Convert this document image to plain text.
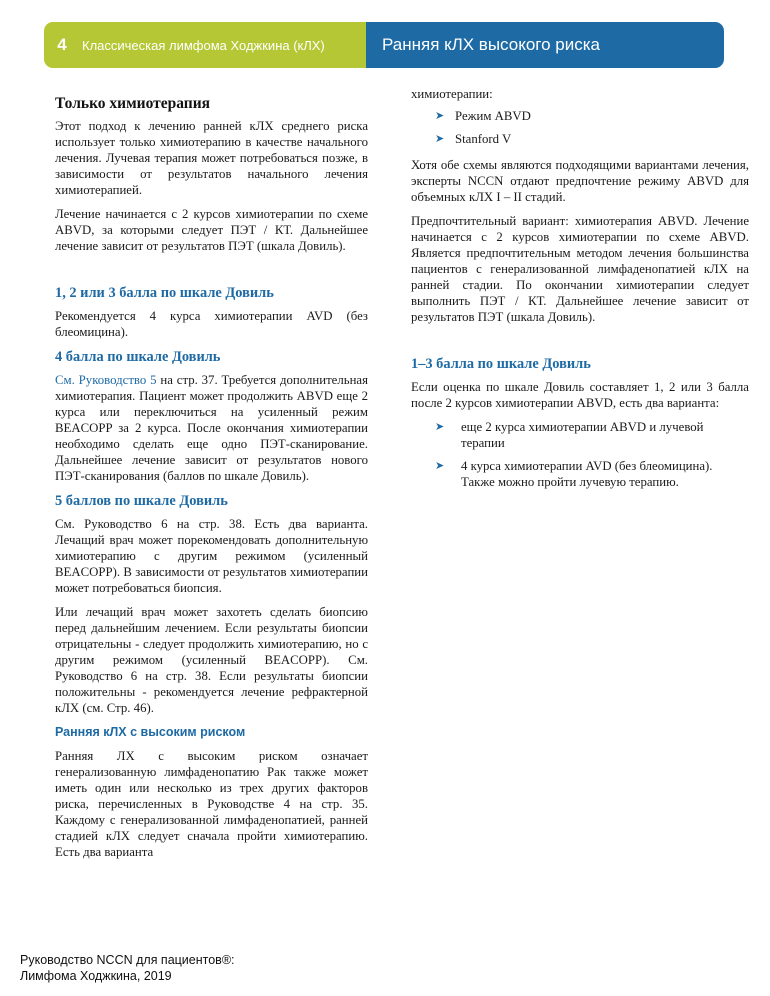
4	Классическая лимфома Ходжкина (кЛХ)	Ранняя кЛХ высокого риска
Только химиотерапия

Этот подход к лечению ранней кЛХ среднего риска использует только химиотерапию в качестве начального лечения. Лучевая терапия может потребоваться позже, в зависимости от результатов начального лечения химиотерапией.

Лечение начинается с 2 курсов химиотерапии по схеме ABVD, за которыми следует ПЭТ / КТ. Дальнейшее лечение зависит от результатов ПЭТ (шкала Довиль).

1, 2 или 3 балла по шкале Довиль

Рекомендуется 4 курса химиотерапии AVD (без блеомицина).

4 балла по шкале Довиль

См. Руководство 5 на стр. 37. Требуется дополнительная химиотерапия. Пациент может продолжить ABVD еще 2 курса или переключиться на усиленный режим BEACOPP за 2 курса. После окончания химиотерапии необходимо сделать еще одно ПЭТ-сканирование. Дальнейшее лечение зависит от результатов нового ПЭТ-сканирования (баллов по шкале Довиль).

5 баллов по шкале Довиль

См. Руководство 6 на стр. 38. Есть два варианта. Лечащий врач может порекомендовать дополнительную химиотерапию с другим режимом (усиленный BEACOPP). В зависимости от результатов химиотерапии может потребоваться биопсия.

Или лечащий врач может захотеть сделать биопсию перед дальнейшим лечением. Если результаты биопсии отрицательны - следует продолжить химиотерапию, но с другим режимом (усиленный BEACOPP). См. Руководство 6 на стр. 38. Если результаты биопсии положительны - рекомендуется лечение рефрактерной кЛХ (см. Стр. 46).

Ранняя кЛХ с высоким риском

Ранняя ЛХ с высоким риском означает генерализованную лимфаденопатию Рак также может иметь один или несколько из трех других факторов риска, перечисленных в Руководстве 4 на стр. 35. Каждому с генерализованной лимфаденопатией, ранней стадией кЛХ следует сначала пройти химиотерапию. Есть два варианта

химиотерапии:

➤ Режим ABVD
➤ Stanford V

Хотя обе схемы являются подходящими вариантами лечения, эксперты NCCN отдают предпочтение режиму ABVD для объемных кЛХ I – II стадий.

Предпочтительный вариант: химиотерапия ABVD. Лечение начинается с 2 курсов химиотерапии по схеме ABVD. Является предпочтительным методом лечения большинства пациентов с генерализованной лимфаденопатией кЛХ на ранней стадии. По окончании химиотерапии следует выполнить ПЭТ / КТ. Дальнейшее лечение зависит от результатов ПЭТ (шкала Довиль).

1–3 балла по шкале Довиль

Если оценка по шкале Довиль составляет 1, 2 или 3 балла после 2 курсов химиотерапии ABVD, есть два варианта:

➤ еще 2 курса химиотерапии ABVD и лучевой терапии
➤ 4 курса химиотерапии AVD (без блеомицина). Также можно пройти лучевую терапию.
Руководство NCCN для пациентов®:
Лимфома Ходжкина, 2019
